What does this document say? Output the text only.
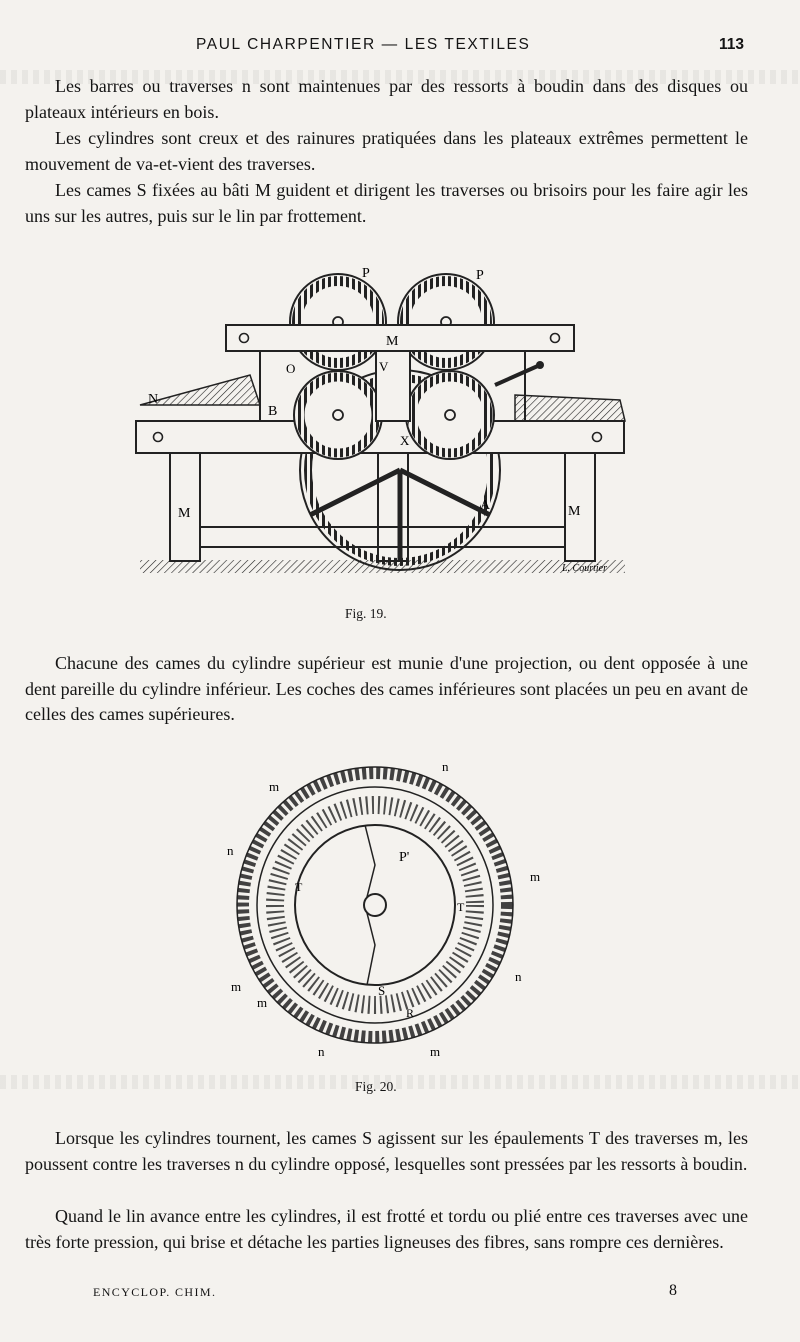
PAUL CHARPENTIER — LES TEXTILES	113

Les barres ou traverses n sont maintenues par des ressorts à boudin dans des disques ou plateaux intérieurs en bois.

Les cylindres sont creux et des rainures pratiquées dans les plateaux extrêmes permettent le mouvement de va-et-vient des traverses.

Les cames S fixées au bâti M guident et dirigent les traverses ou brisoirs pour les faire agir les uns sur les autres, puis sur le lin par frottement.

P	P
M
O	V
N
B
X
A
M	M
L. Courtier
Fig. 19.

Chacune des cames du cylindre supérieur est munie d'une projection, ou dent opposée à une dent pareille du cylindre inférieur. Les coches des cames inférieures sont placées un peu en avant de celles des cames supérieures.

n
m
n	P'
m
T
T
n
m
m
S
R
n	m
Fig. 20.

Lorsque les cylindres tournent, les cames S agissent sur les épaulements T des traverses m, les poussent contre les traverses n du cylindre opposé, lesquelles sont pressées par les ressorts à boudin.

Quand le lin avance entre les cylindres, il est frotté et tordu ou plié entre ces traverses avec une très forte pression, qui brise et détache les parties ligneuses des fibres, sans rompre ces dernières.

ENCYCLOP. CHIM.	8
